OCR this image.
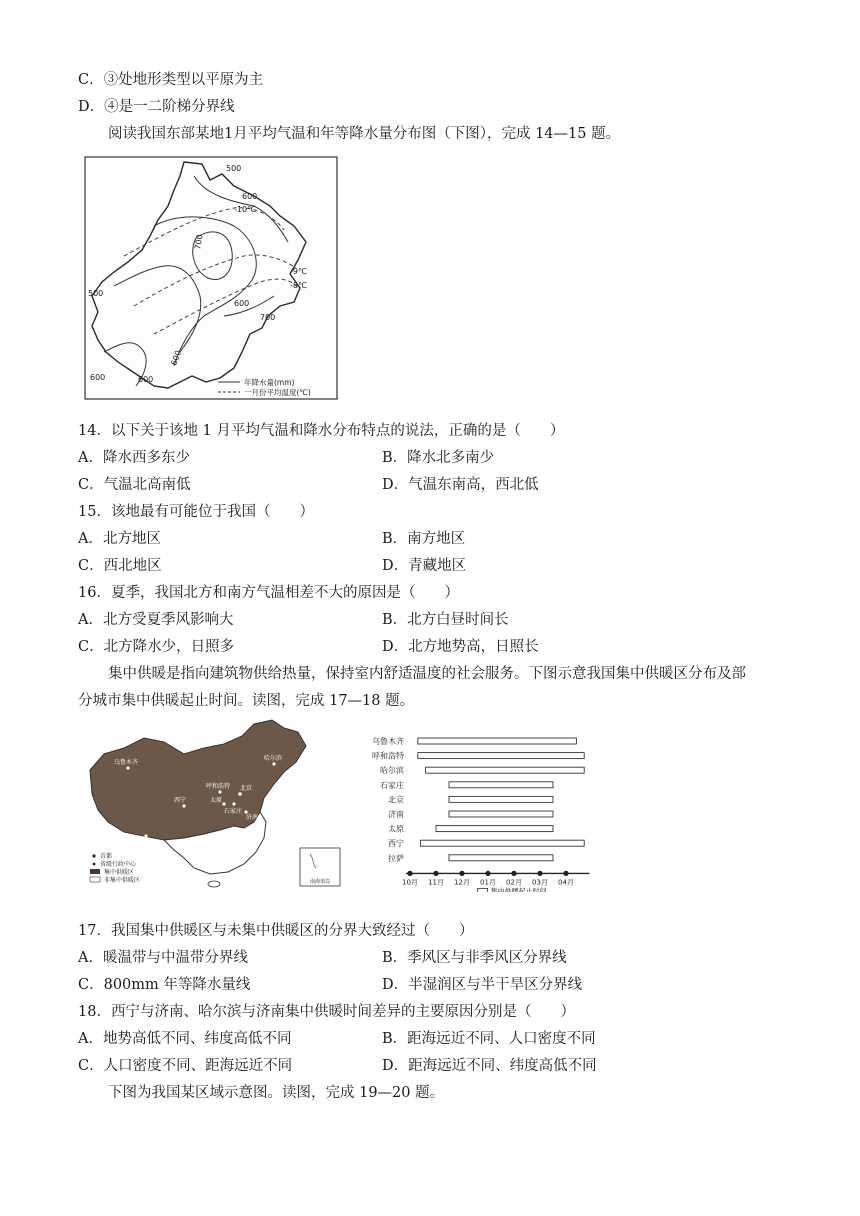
C．③处地形类型以平原为主
D．④是一二阶梯分界线
阅读我国东部某地1月平均气温和年等降水量分布图（下图），完成 14—15 题。
500
600
-10℃
700
-9℃
-8℃
500
700
600
600
600	600	年降水量(mm)
一月份平均温度(℃)
14．以下关于该地 1 月平均气温和降水分布特点的说法，正确的是（　　）
A．降水西多东少	B．降水北多南少
C．气温北高南低	D．气温东南高，西北低
15．该地最有可能位于我国（　　）
A．北方地区	B．南方地区
C．西北地区	D．青藏地区
16．夏季，我国北方和南方气温相差不大的原因是（　　）
A．北方受夏季风影响大	B．北方白昼时间长
C．北方降水少，日照多	D．北方地势高，日照长
集中供暖是指向建筑物供给热量，保持室内舒适温度的社会服务。下图示意我国集中供暖区分布及部
分城市集中供暖起止时间。读图，完成 17—18 题。
乌鲁木齐
哈尔滨
呼和浩特 北京
石家庄
太原
济南
西宁
拉萨
首都
省级行政中心
集中供暖区
非集中供暖区	南海诸岛
乌鲁木齐
呼和浩特
哈尔滨
石家庄
北京
济南
太原
西宁
拉萨
10月 11月 12月 01月 02月 03月 04月
集中供暖起止时间
17．我国集中供暖区与未集中供暖区的分界大致经过（　　）
A．暖温带与中温带分界线	B．季风区与非季风区分界线
C．800mm 年等降水量线	D．半湿润区与半干旱区分界线
18．西宁与济南、哈尔滨与济南集中供暖时间差异的主要原因分别是（　　）
A．地势高低不同、纬度高低不同	B．距海远近不同、人口密度不同
C．人口密度不同、距海远近不同	D．距海远近不同、纬度高低不同
下图为我国某区域示意图。读图，完成 19—20 题。
